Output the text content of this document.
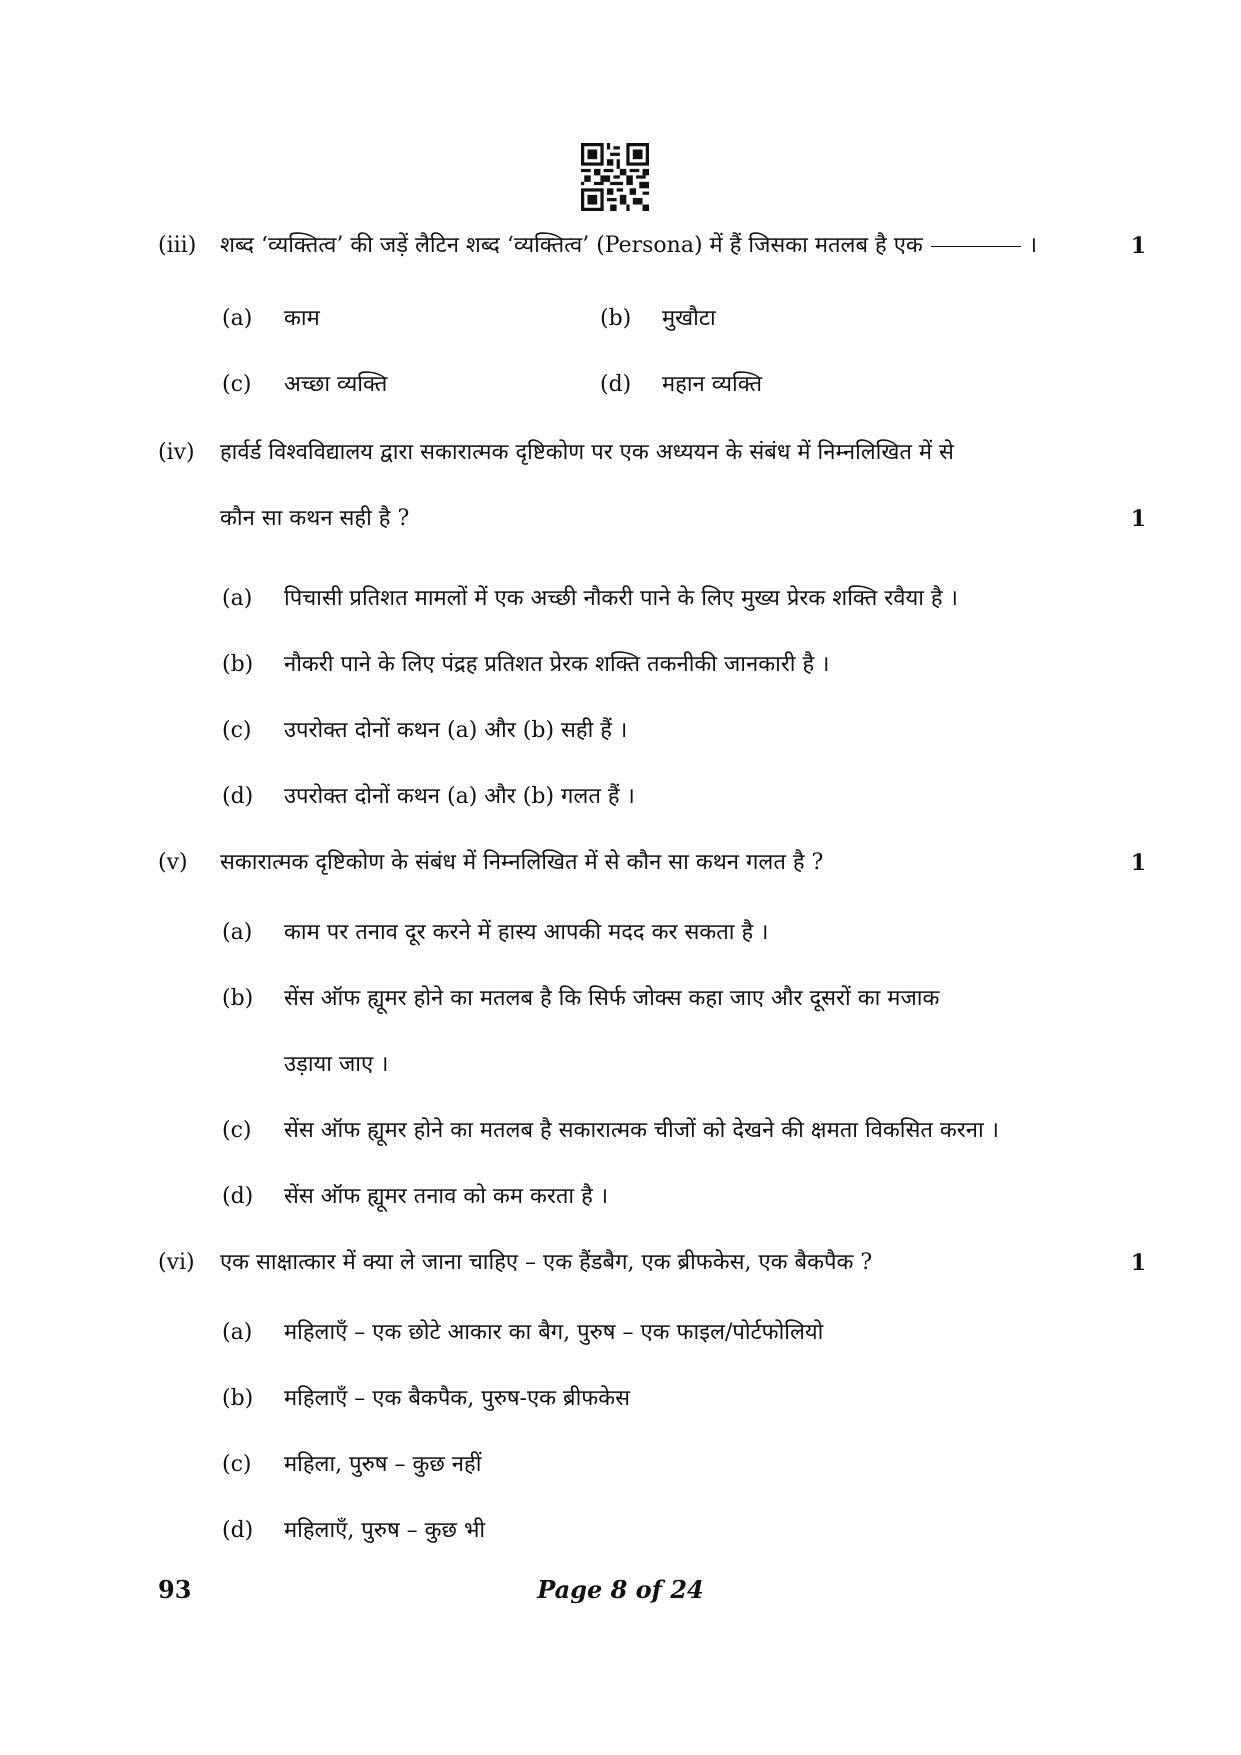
(iii)	शब्द ‘व्यक्तित्व’ की जड़ें लैटिन शब्द ‘व्यक्तित्व’ (Persona) में हैं जिसका मतलब है एक	।	1
(a) काम	(b) मुखौटा
(c) अच्छा व्यक्ति	(d) महान व्यक्ति
(iv)	हार्वर्ड विश्वविद्यालय द्वारा सकारात्मक दृष्टिकोण पर एक अध्ययन के संबंध में निम्नलिखित में से
कौन सा कथन सही है ?	1
(a) पिचासी प्रतिशत मामलों में एक अच्छी नौकरी पाने के लिए मुख्य प्रेरक शक्ति रवैया है ।
(b) नौकरी पाने के लिए पंद्रह प्रतिशत प्रेरक शक्ति तकनीकी जानकारी है ।
(c) उपरोक्त दोनों कथन (a) और (b) सही हैं ।
(d) उपरोक्त दोनों कथन (a) और (b) गलत हैं ।
(v)	सकारात्मक दृष्टिकोण के संबंध में निम्नलिखित में से कौन सा कथन गलत है ?	1
(a) काम पर तनाव दूर करने में हास्य आपकी मदद कर सकता है ।
(b) सेंस ऑफ ह्यूमर होने का मतलब है कि सिर्फ जोक्स कहा जाए और दूसरों का मजाक
उड़ाया जाए ।
(c) सेंस ऑफ ह्यूमर होने का मतलब है सकारात्मक चीजों को देखने की क्षमता विकसित करना ।
(d) सेंस ऑफ ह्यूमर तनाव को कम करता है ।
(vi)	एक साक्षात्कार में क्या ले जाना चाहिए – एक हैंडबैग, एक ब्रीफकेस, एक बैकपैक ?	1
(a) महिलाएँ – एक छोटे आकार का बैग, पुरुष – एक फाइल/पोर्टफोलियो
(b) महिलाएँ – एक बैकपैक, पुरुष-एक ब्रीफकेस
(c) महिला, पुरुष – कुछ नहीं
(d) महिलाएँ, पुरुष – कुछ भी
93	Page 8 of 24
